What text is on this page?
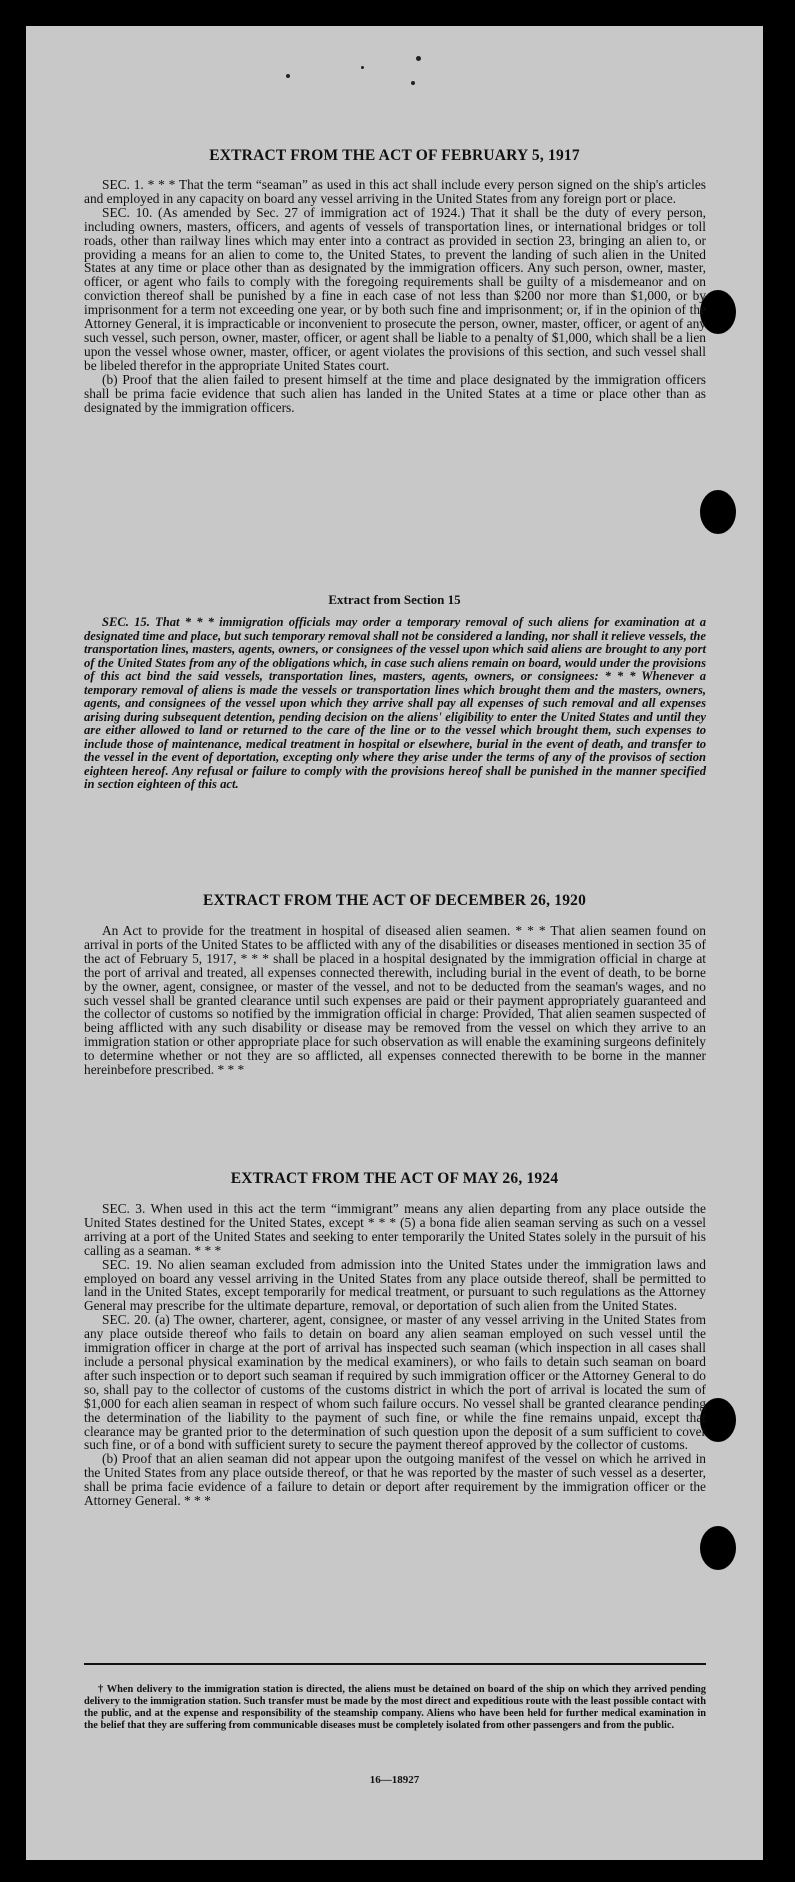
EXTRACT FROM THE ACT OF FEBRUARY 5, 1917

SEC. 1. * * * That the term “seaman” as used in this act shall include every person signed on the ship's articles and employed in any capacity on board any vessel arriving in the United States from any foreign port or place.

SEC. 10. (As amended by Sec. 27 of immigration act of 1924.) That it shall be the duty of every person, including owners, masters, officers, and agents of vessels of transportation lines, or international bridges or toll roads, other than railway lines which may enter into a contract as provided in section 23, bringing an alien to, or providing a means for an alien to come to, the United States, to prevent the landing of such alien in the United States at any time or place other than as designated by the immigration officers. Any such person, owner, master, officer, or agent who fails to comply with the foregoing requirements shall be guilty of a misdemeanor and on conviction thereof shall be punished by a fine in each case of not less than $200 nor more than $1,000, or by imprisonment for a term not exceeding one year, or by both such fine and imprisonment; or, if in the opinion of the Attorney General, it is impracticable or inconvenient to prosecute the person, owner, master, officer, or agent of any such vessel, such person, owner, master, officer, or agent shall be liable to a penalty of $1,000, which shall be a lien upon the vessel whose owner, master, officer, or agent violates the provisions of this section, and such vessel shall be libeled therefor in the appropriate United States court.

(b) Proof that the alien failed to present himself at the time and place designated by the immigration officers shall be prima facie evidence that such alien has landed in the United States at a time or place other than as designated by the immigration officers.

Extract from Section 15

SEC. 15. That * * * immigration officials may order a temporary removal of such aliens for examination at a designated time and place, but such temporary removal shall not be considered a landing, nor shall it relieve vessels, the transportation lines, masters, agents, owners, or consignees of the vessel upon which said aliens are brought to any port of the United States from any of the obligations which, in case such aliens remain on board, would under the provisions of this act bind the said vessels, transportation lines, masters, agents, owners, or consignees: * * * Whenever a temporary removal of aliens is made the vessels or transportation lines which brought them and the masters, owners, agents, and consignees of the vessel upon which they arrive shall pay all expenses of such removal and all expenses arising during subsequent detention, pending decision on the aliens' eligibility to enter the United States and until they are either allowed to land or returned to the care of the line or to the vessel which brought them, such expenses to include those of maintenance, medical treatment in hospital or elsewhere, burial in the event of death, and transfer to the vessel in the event of deportation, excepting only where they arise under the terms of any of the provisos of section eighteen hereof. Any refusal or failure to comply with the provisions hereof shall be punished in the manner specified in section eighteen of this act.

EXTRACT FROM THE ACT OF DECEMBER 26, 1920

An Act to provide for the treatment in hospital of diseased alien seamen. * * * That alien seamen found on arrival in ports of the United States to be afflicted with any of the disabilities or diseases mentioned in section 35 of the act of February 5, 1917, * * * shall be placed in a hospital designated by the immigration official in charge at the port of arrival and treated, all expenses connected therewith, including burial in the event of death, to be borne by the owner, agent, consignee, or master of the vessel, and not to be deducted from the seaman's wages, and no such vessel shall be granted clearance until such expenses are paid or their payment appropriately guaranteed and the collector of customs so notified by the immigration official in charge: Provided, That alien seamen suspected of being afflicted with any such disability or disease may be removed from the vessel on which they arrive to an immigration station or other appropriate place for such observation as will enable the examining surgeons definitely to determine whether or not they are so afflicted, all expenses connected therewith to be borne in the manner hereinbefore prescribed. * * *

EXTRACT FROM THE ACT OF MAY 26, 1924

SEC. 3. When used in this act the term “immigrant” means any alien departing from any place outside the United States destined for the United States, except * * * (5) a bona fide alien seaman serving as such on a vessel arriving at a port of the United States and seeking to enter temporarily the United States solely in the pursuit of his calling as a seaman. * * *

SEC. 19. No alien seaman excluded from admission into the United States under the immigration laws and employed on board any vessel arriving in the United States from any place outside thereof, shall be permitted to land in the United States, except temporarily for medical treatment, or pursuant to such regulations as the Attorney General may prescribe for the ultimate departure, removal, or deportation of such alien from the United States.

SEC. 20. (a) The owner, charterer, agent, consignee, or master of any vessel arriving in the United States from any place outside thereof who fails to detain on board any alien seaman employed on such vessel until the immigration officer in charge at the port of arrival has inspected such seaman (which inspection in all cases shall include a personal physical examination by the medical examiners), or who fails to detain such seaman on board after such inspection or to deport such seaman if required by such immigration officer or the Attorney General to do so, shall pay to the collector of customs of the customs district in which the port of arrival is located the sum of $1,000 for each alien seaman in respect of whom such failure occurs. No vessel shall be granted clearance pending the determination of the liability to the payment of such fine, or while the fine remains unpaid, except that clearance may be granted prior to the determination of such question upon the deposit of a sum sufficient to cover such fine, or of a bond with sufficient surety to secure the payment thereof approved by the collector of customs.

(b) Proof that an alien seaman did not appear upon the outgoing manifest of the vessel on which he arrived in the United States from any place outside thereof, or that he was reported by the master of such vessel as a deserter, shall be prima facie evidence of a failure to detain or deport after requirement by the immigration officer or the Attorney General. * * *

† When delivery to the immigration station is directed, the aliens must be detained on board of the ship on which they arrived pending delivery to the immigration station. Such transfer must be made by the most direct and expeditious route with the least possible contact with the public, and at the expense and responsibility of the steamship company. Aliens who have been held for further medical examination in the belief that they are suffering from communicable diseases must be completely isolated from other passengers and from the public.

16—18927
